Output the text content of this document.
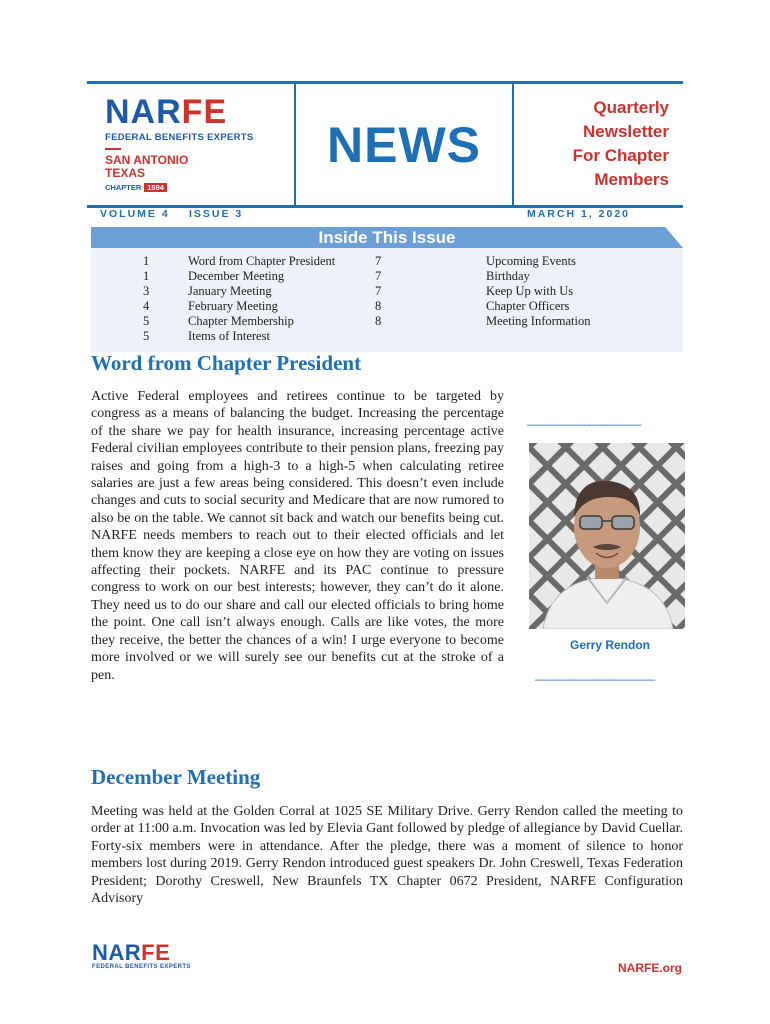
NARFE
FEDERAL BENEFITS EXPERTS
SAN ANTONIO
TEXAS
CHAPTER 1594
NEWS
Quarterly
Newsletter
For Chapter
Members
VOLUME 4 ISSUE 3	MARCH 1, 2020
Inside This Issue
1
1
3
4
5
5
Word from Chapter President
December Meeting
January Meeting
February Meeting
Chapter Membership
Items of Interest
7
7
7
8
8
Upcoming Events
Birthday
Keep Up with Us
Chapter Officers
Meeting Information
Word from Chapter President

Active Federal employees and retirees continue to be targeted by congress as a means of balancing the budget. Increasing the percentage of the share we pay for health insurance, increasing percentage active Federal civilian employees contribute to their pension plans, freezing pay raises and going from a high-3 to a high-5 when calculating retiree salaries are just a few areas being considered. This doesn’t even include changes and cuts to social security and Medicare that are now rumored to also be on the table. We cannot sit back and watch our benefits being cut. NARFE needs members to reach out to their elected officials and let them know they are keeping a close eye on how they are voting on issues affecting their pockets. NARFE and its PAC continue to pressure congress to work on our best interests; however, they can’t do it alone. They need us to do our share and call our elected officials to bring home the point. One call isn’t always enough. Calls are like votes, the more they receive, the better the chances of a win! I urge everyone to become more involved or we will surely see our benefits cut at the stroke of a pen.

____________________
Gerry Rendon
_____________________
December Meeting

Meeting was held at the Golden Corral at 1025 SE Military Drive. Gerry Rendon called the meeting to order at 11:00 a.m. Invocation was led by Elevia Gant followed by pledge of allegiance by David Cuellar. Forty-six members were in attendance. After the pledge, there was a moment of silence to honor members lost during 2019. Gerry Rendon introduced guest speakers Dr. John Creswell, Texas Federation President; Dorothy Creswell, New Braunfels TX Chapter 0672 President, NARFE Configuration Advisory

NARFE
FEDERAL BENEFITS EXPERTS	NARFE.org
